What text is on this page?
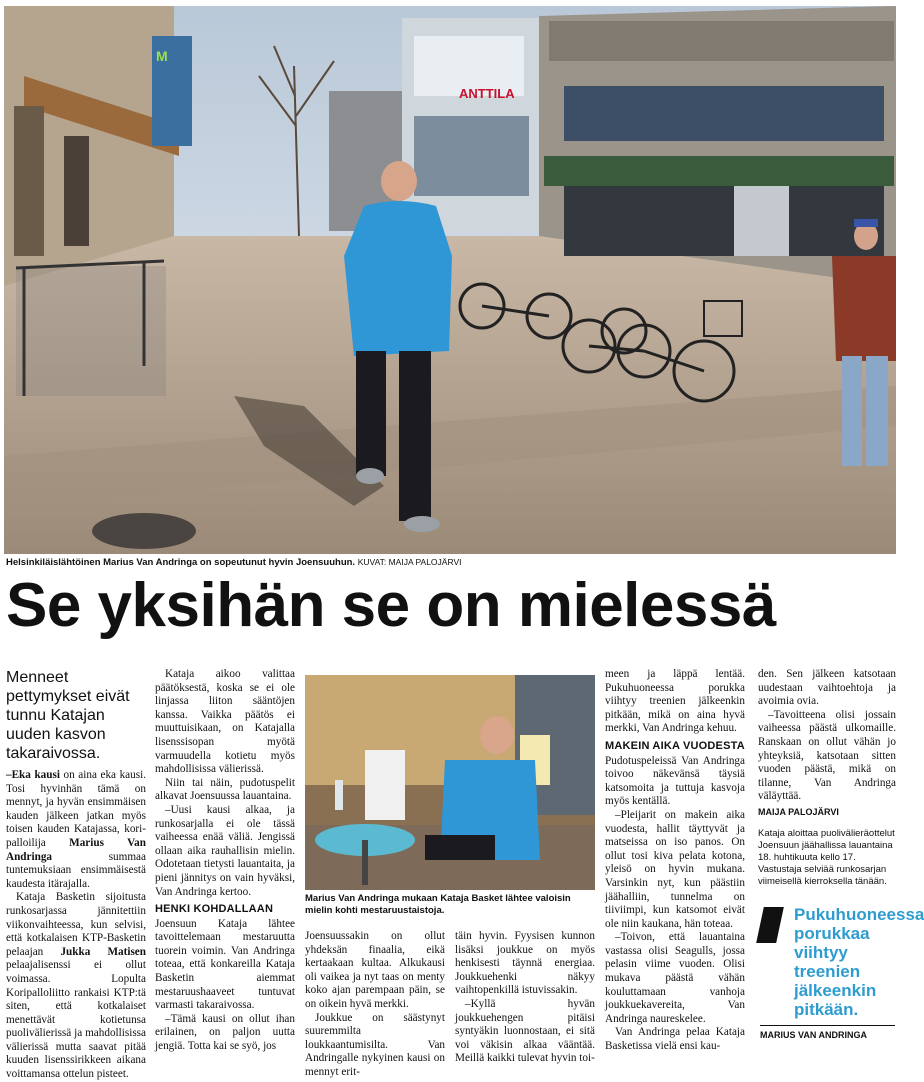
M
ANTTILA
Helsinkiläislähtöinen Marius Van Andringa on sopeutunut hyvin Joensuuhun. KUVAT: MAIJA PALOJÄRVI
Se yksihän se on mielessä
Menneet pettymykset eivät tunnu Katajan uuden kasvon takaraivossa.

–Eka kausi on aina eka kausi. Tosi hyvinhän tämä on mennyt, ja hyvän ensimmäisen kauden jälkeen jatkan myös toisen kauden Katajassa, koripalloilija Marius Van Andringa summaa tuntemuksiaan ensimmäisestä kaudesta itärajalla.

Kataja Basketin sijoitusta runkosarjassa jännitettiin viikonvaihteessa, kun selvisi, että kotkalaisen KTP-Basketin pelaajan Jukka Matisen pelaajalisenssi ei ollut voimassa. Lopulta Koripalloliitto rankaisi KTP:tä siten, että kotkalaiset menettävät kotietunsa puolivälierissä ja mahdollisissa välierissä mutta saavat pitää kuuden lisenssirikkeen aikana voittamansa ottelun pisteet.

Kataja aikoo valittaa päätöksestä, koska se ei ole linjassa liiton sääntöjen kanssa. Vaikka päätös ei muuttuisikaan, on Katajalla lisenssisopan myötä varmuudella kotietu myös mahdollisissa välierissä.

Niin tai näin, pudotuspelit alkavat Joensuussa lauantaina.

–Uusi kausi alkaa, ja runkosarjalla ei ole tässä vaiheessa enää väliä. Jengissä ollaan aika rauhallisin mielin. Odotetaan tietysti lauantaita, ja pieni jännitys on vain hyväksi, Van Andringa kertoo.

HENKI KOHDALLAAN

Joensuun Kataja lähtee tavoittelemaan mestaruutta tuorein voimin. Van Andringa toteaa, että konkareilla Kataja Basketin aiemmat mestaruushaaveet tuntuvat varmasti takaraivossa.

–Tämä kausi on ollut ihan erilainen, on paljon uutta jengiä. Totta kai se syö, jos

Marius Van Andringa mukaan Kataja Basket lähtee valoisin mielin kohti mestaruustaistoja.

Joensuussakin on ollut yhdeksän finaalia, eikä kertaakaan kultaa. Alkukausi oli vaikea ja nyt taas on menty koko ajan parempaan päin, se on oikein hyvä merkki.

Joukkue on säästynyt suuremmilta loukkaantumisilta. Van Andringalle nykyinen kausi on mennyt erit-

täin hyvin. Fyysisen kunnon lisäksi joukkue on myös henkisesti täynnä energiaa. Joukkuehenki näkyy vaihtopenkillä istuvissakin.

–Kyllä hyvän joukkuehengen pitäisi syntyäkin luonnostaan, ei sitä voi väkisin alkaa vääntää. Meillä kaikki tulevat hyvin toi-

meen ja läppä lentää. Pukuhuoneessa porukka viihtyy treenien jälkeenkin pitkään, mikä on aina hyvä merkki, Van Andringa kehuu.

MAKEIN AIKA VUODESTA

Pudotuspeleissä Van Andringa toivoo näkevänsä täysiä katsomoita ja tuttuja kasvoja myös kentällä.

–Pleijarit on makein aika vuodesta, hallit täyttyvät ja matseissa on iso panos. On ollut tosi kiva pelata kotona, yleisö on hyvin mukana. Varsinkin nyt, kun päästiin jäähalliin, tunnelma on tiiviimpi, kun katsomot eivät ole niin kaukana, hän toteaa.

–Toivon, että lauantaina vastassa olisi Seagulls, jossa pelasin viime vuoden. Olisi mukava päästä vähän kouluttamaan vanhoja joukkuekavereita, Van Andringa naureskelee.

Van Andringa pelaa Kataja Basketissa vielä ensi kau-

den. Sen jälkeen katsotaan uudestaan vaihtoehtoja ja avoimia ovia.

–Tavoitteena olisi jossain vaiheessa päästä ulkomaille. Ranskaan on ollut vähän jo yhteyksiä, katsotaan sitten vuoden päästä, mikä on tilanne, Van Andringa väläyttää.

MAIJA PALOJÄRVI
Kataja aloittaa puolivälieräottelut Joensuun jäähallissa lauantaina 18. huhtikuuta kello 17. Vastustaja selviää runkosarjan viimeisellä kierroksella tänään.
Pukuhuoneessa porukkaa viihtyy treenien jälkeenkin pitkään.
MARIUS VAN ANDRINGA
